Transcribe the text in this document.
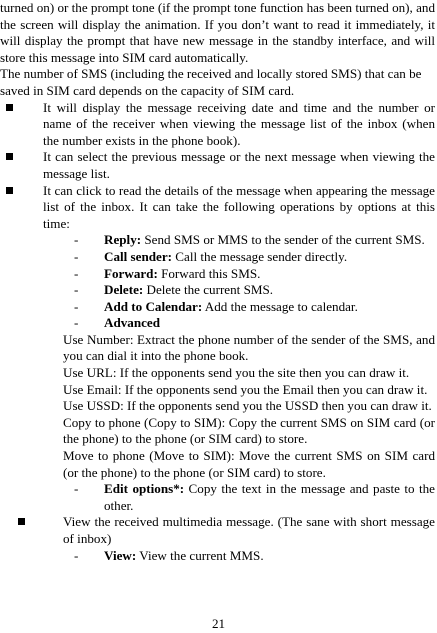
turned on) or the prompt tone (if the prompt tone function has been turned on), and the screen will display the animation. If you don’t want to read it immediately, it will display the prompt that have new message in the standby interface, and will store this message into SIM card automatically.

The number of SMS (including the received and locally stored SMS) that can be saved in SIM card depends on the capacity of SIM card.

It will display the message receiving date and time and the number or name of the receiver when viewing the message list of the inbox (when the number exists in the phone book).
It can select the previous message or the next message when viewing the message list.
It can click to read the details of the message when appearing the message list of the inbox. It can take the following operations by options at this time:
- Reply: Send SMS or MMS to the sender of the current SMS.
- Call sender: Call the message sender directly.
- Forward: Forward this SMS.
- Delete: Delete the current SMS.
- Add to Calendar: Add the message to calendar.
- Advanced

Use Number: Extract the phone number of the sender of the SMS, and you can dial it into the phone book.

Use URL: If the opponents send you the site then you can draw it.

Use Email: If the opponents send you the Email then you can draw it.

Use USSD: If the opponents send you the USSD then you can draw it.

Copy to phone (Copy to SIM): Copy the current SMS on SIM card (or the phone) to the phone (or SIM card) to store.

Move to phone (Move to SIM): Move the current SMS on SIM card (or the phone) to the phone (or SIM card) to store.

- Edit options*: Copy the text in the message and paste to the other.
View the received multimedia message. (The sane with short message of inbox)
- View: View the current MMS.
21
